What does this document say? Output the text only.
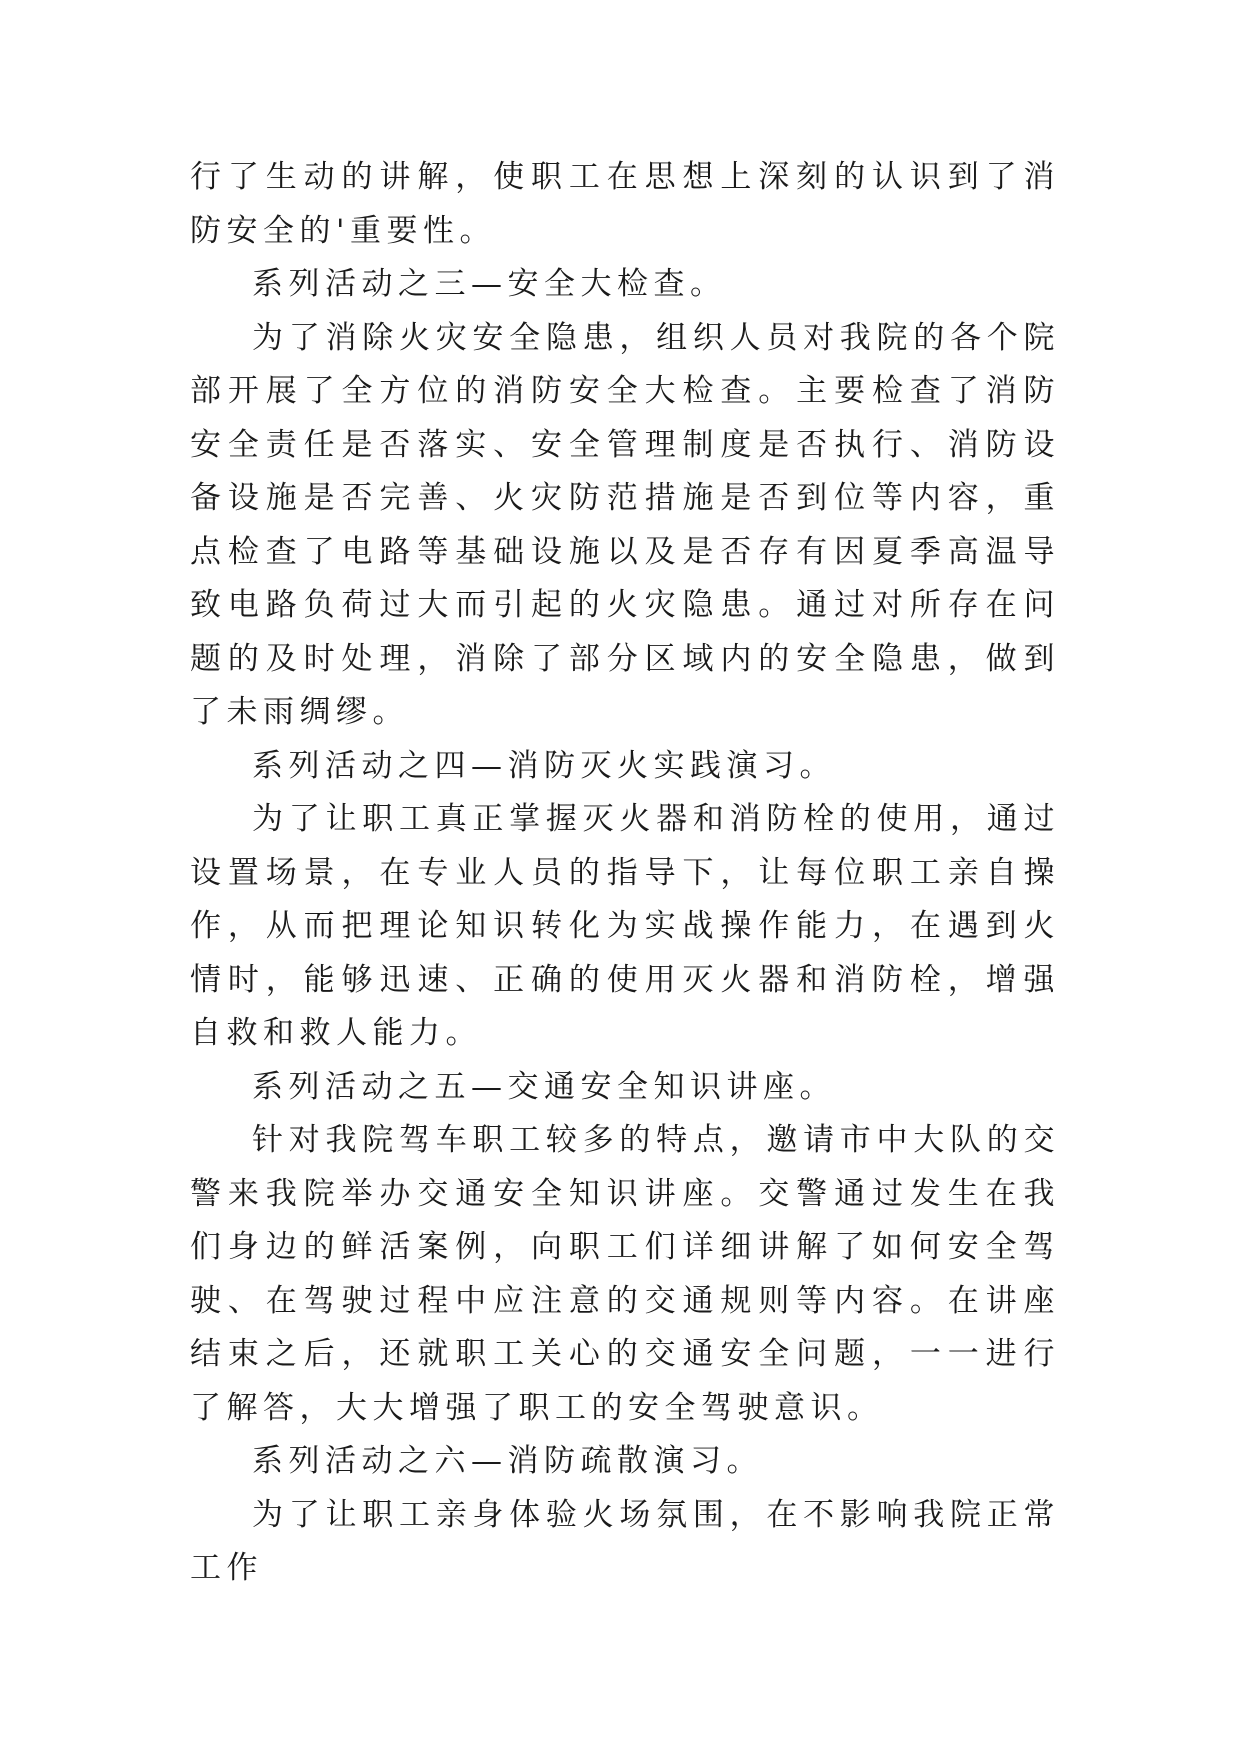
行了生动的讲解，使职工在思想上深刻的认识到了消防安全的'重要性。

系列活动之三—安全大检查。

为了消除火灾安全隐患，组织人员对我院的各个院部开展了全方位的消防安全大检查。主要检查了消防安全责任是否落实、安全管理制度是否执行、消防设备设施是否完善、火灾防范措施是否到位等内容，重点检查了电路等基础设施以及是否存有因夏季高温导致电路负荷过大而引起的火灾隐患。通过对所存在问题的及时处理，消除了部分区域内的安全隐患，做到了未雨绸缪。

系列活动之四—消防灭火实践演习。

为了让职工真正掌握灭火器和消防栓的使用，通过设置场景，在专业人员的指导下，让每位职工亲自操作，从而把理论知识转化为实战操作能力，在遇到火情时，能够迅速、正确的使用灭火器和消防栓，增强自救和救人能力。

系列活动之五—交通安全知识讲座。

针对我院驾车职工较多的特点，邀请市中大队的交警来我院举办交通安全知识讲座。交警通过发生在我们身边的鲜活案例，向职工们详细讲解了如何安全驾驶、在驾驶过程中应注意的交通规则等内容。在讲座结束之后，还就职工关心的交通安全问题，一一进行了解答，大大增强了职工的安全驾驶意识。

系列活动之六—消防疏散演习。

为了让职工亲身体验火场氛围，在不影响我院正常工作
